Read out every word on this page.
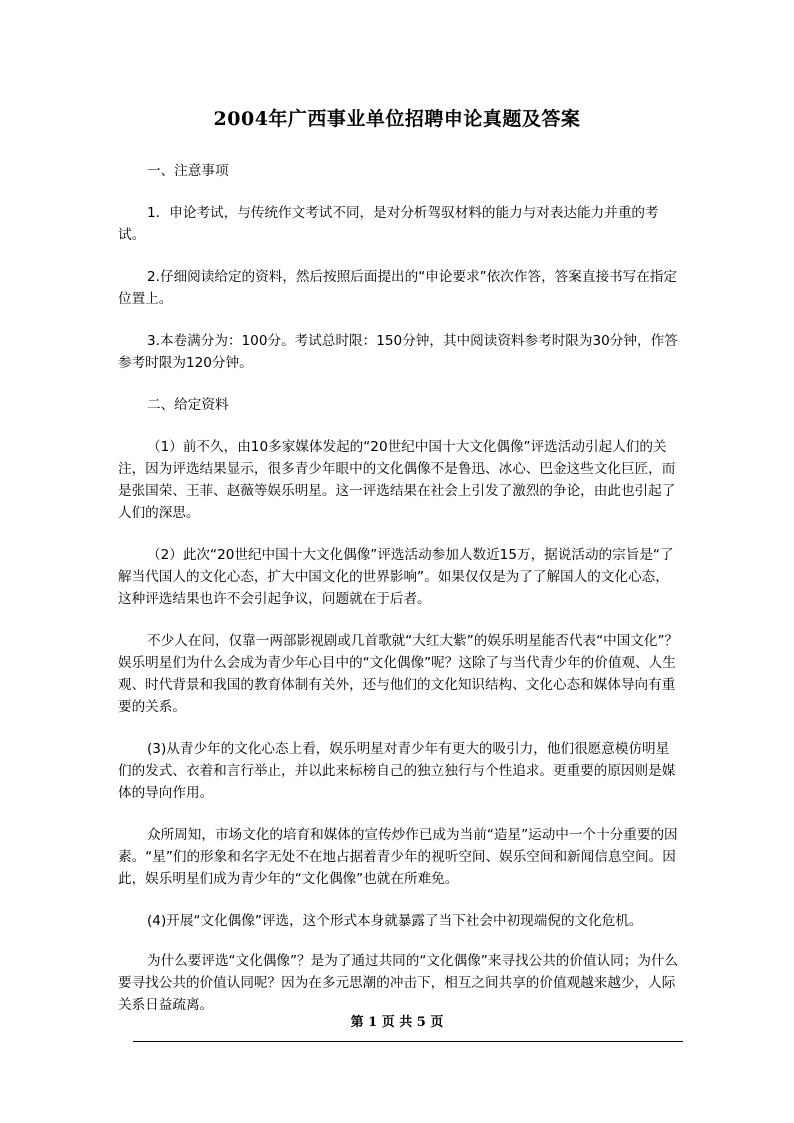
2004年广西事业单位招聘申论真题及答案

一、注意事项

1．申论考试，与传统作文考试不同，是对分析驾驭材料的能力与对表达能力并重的考试。

2.仔细阅读给定的资料，然后按照后面提出的“申论要求”依次作答，答案直接书写在指定位置上。

3.本卷满分为：100分。考试总时限：150分钟，其中阅读资料参考时限为30分钟，作答参考时限为120分钟。

二、给定资料

（1）前不久，由10多家媒体发起的“20世纪中国十大文化偶像”评选活动引起人们的关注，因为评选结果显示，很多青少年眼中的文化偶像不是鲁迅、冰心、巴金这些文化巨匠，而是张国荣、王菲、赵薇等娱乐明星。这一评选结果在社会上引发了激烈的争论，由此也引起了人们的深思。

（2）此次“20世纪中国十大文化偶像”评选活动参加人数近15万，据说活动的宗旨是“了解当代国人的文化心态，扩大中国文化的世界影响”。如果仅仅是为了了解国人的文化心态，这种评选结果也许不会引起争议，问题就在于后者。

不少人在问，仅靠一两部影视剧或几首歌就“大红大紫”的娱乐明星能否代表“中国文化”？娱乐明星们为什么会成为青少年心目中的“文化偶像”呢？这除了与当代青少年的价值观、人生观、时代背景和我国的教育体制有关外，还与他们的文化知识结构、文化心态和媒体导向有重要的关系。

(3)从青少年的文化心态上看，娱乐明星对青少年有更大的吸引力，他们很愿意模仿明星们的发式、衣着和言行举止，并以此来标榜自己的独立独行与个性追求。更重要的原因则是媒体的导向作用。

众所周知，市场文化的培育和媒体的宣传炒作已成为当前“造星”运动中一个十分重要的因素。“星”们的形象和名字无处不在地占据着青少年的视听空间、娱乐空间和新闻信息空间。因此，娱乐明星们成为青少年的“文化偶像”也就在所难免。

(4)开展“文化偶像”评选，这个形式本身就暴露了当下社会中初现端倪的文化危机。

为什么要评选“文化偶像”？是为了通过共同的“文化偶像”来寻找公共的价值认同；为什么要寻找公共的价值认同呢？因为在多元思潮的冲击下，相互之间共享的价值观越来越少，人际关系日益疏离。

第 1 页 共 5 页
